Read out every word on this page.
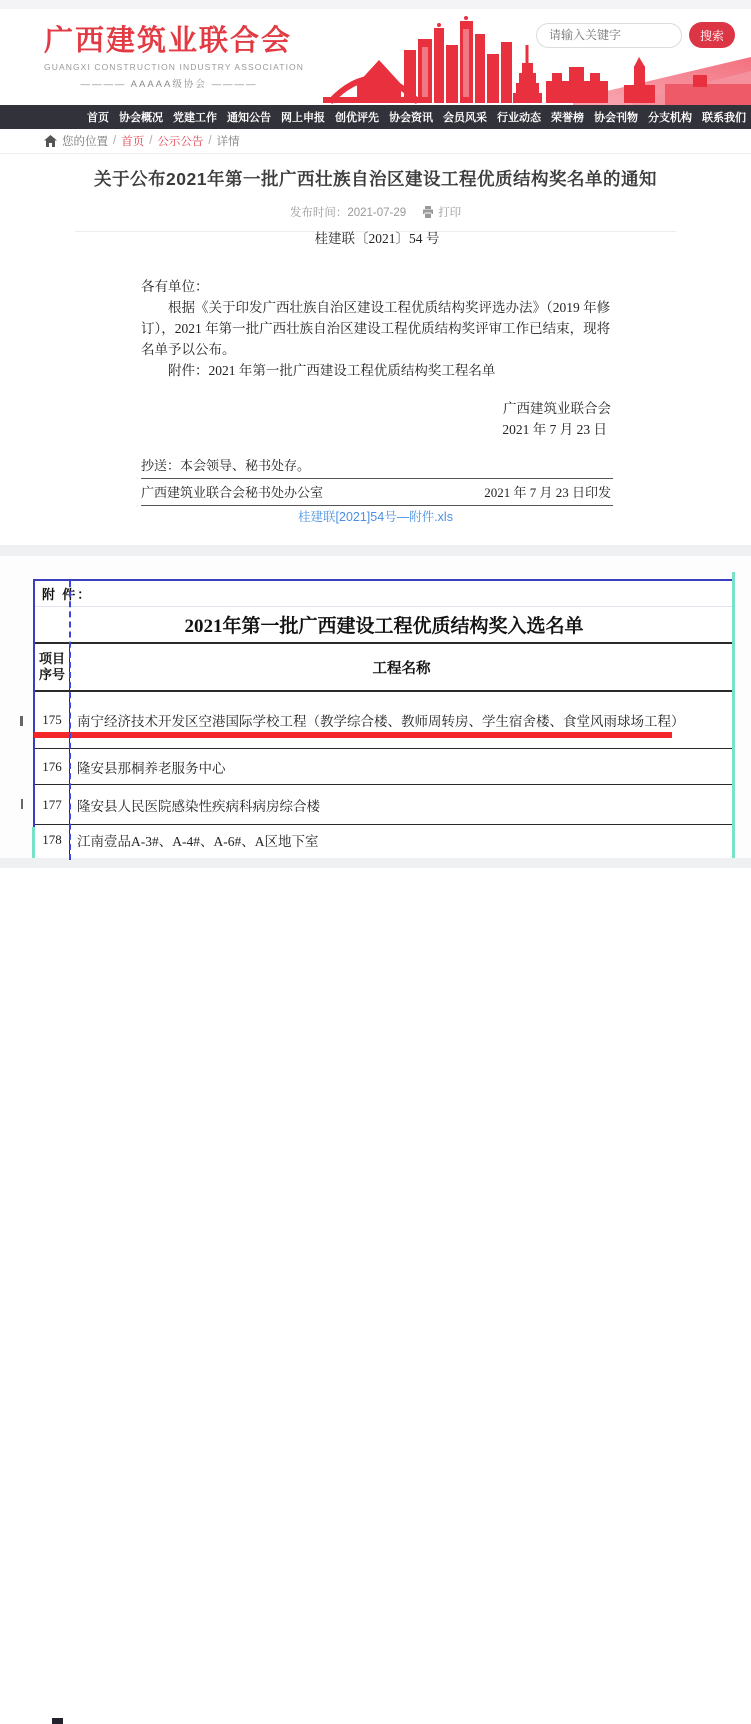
广西建筑业联合会
GUANGXI CONSTRUCTION INDUSTRY ASSOCIATION
———— AAAAA级协会 ————
请输入关键字
搜索
首页 协会概况 党建工作 通知公告 网上申报 创优评先 协会资讯 会员风采 行业动态 荣誉榜 协会刊物 分支机构 联系我们
您的位置 / 首页 / 公示公告 / 详情
关于公布2021年第一批广西壮族自治区建设工程优质结构奖名单的通知
发布时间：2021-07-29	打印
桂建联〔2021〕54 号
各有单位：
根据《关于印发广西壮族自治区建设工程优质结构奖评选办法》（2019 年修订），2021 年第一批广西壮族自治区建设工程优质结构奖评审工作已结束，现将名单予以公布。
附件：2021 年第一批广西建设工程优质结构奖工程名单
广西建筑业联合会
2021 年 7 月 23 日
抄送：本会领导、秘书处存。
广西建筑业联合会秘书处办公室	2021 年 7 月 23 日印发
桂建联[2021]54号—附件.xls
附 件：
2021年第一批广西建设工程优质结构奖入选名单
项目
序号	工程名称
175	南宁经济技术开发区空港国际学校工程（教学综合楼、教师周转房、学生宿舍楼、食堂风雨球场工程）
176	隆安县那桐养老服务中心
177	隆安县人民医院感染性疾病科病房综合楼
178	江南壹品A-3#、A-4#、A-6#、A区地下室
